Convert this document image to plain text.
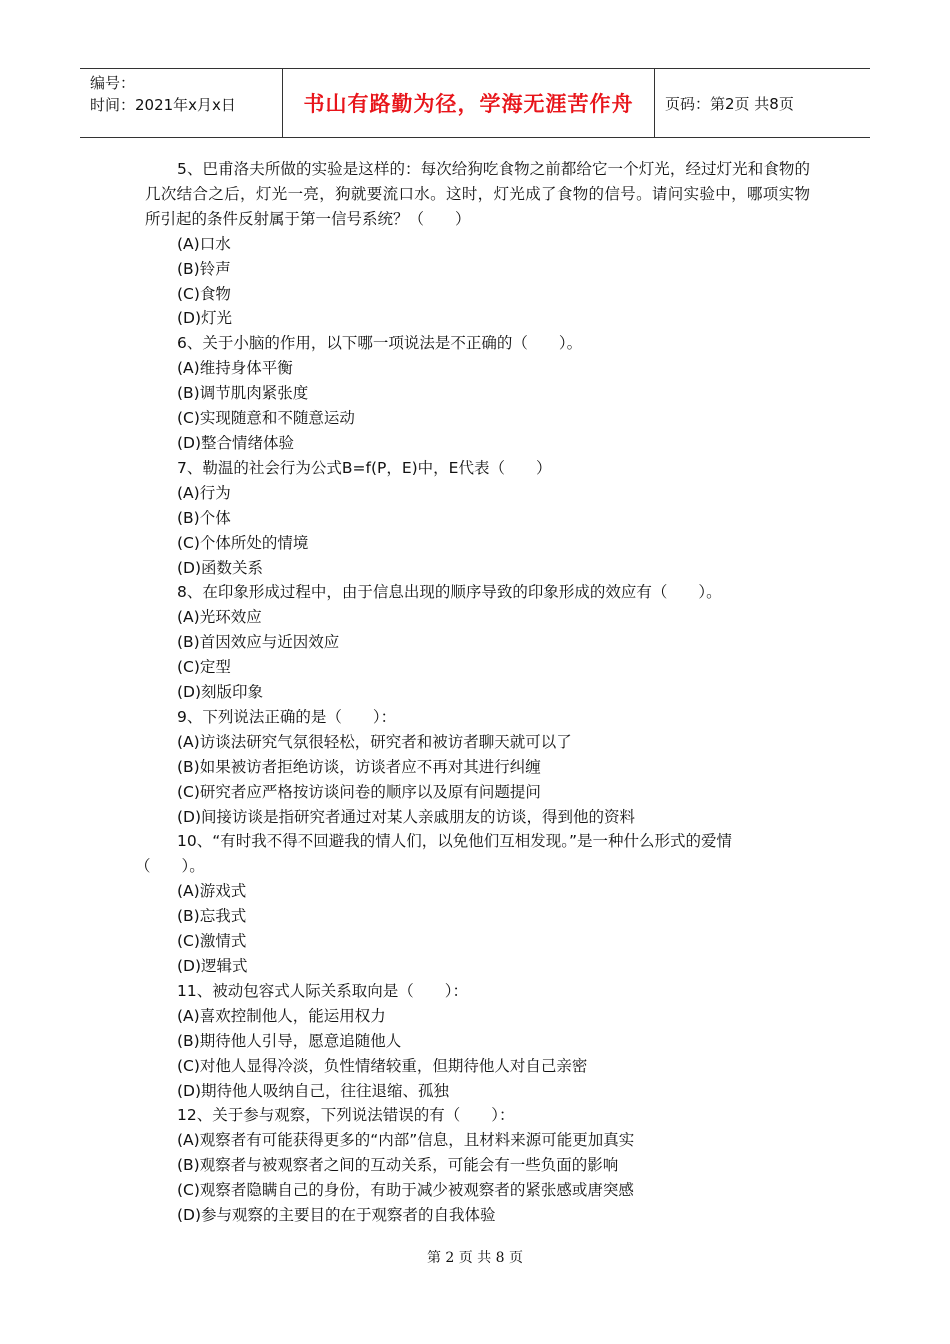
编号：
时间：2021年x月x日	书山有路勤为径，学海无涯苦作舟	页码：第2页 共8页

5、巴甫洛夫所做的实验是这样的：每次给狗吃食物之前都给它一个灯光，经过灯光和食物的几次结合之后，灯光一亮，狗就要流口水。这时，灯光成了食物的信号。请问实验中，哪项实物所引起的条件反射属于第一信号系统？（　　）

(A)口水

(B)铃声

(C)食物

(D)灯光

6、关于小脑的作用，以下哪一项说法是不正确的（　　）。

(A)维持身体平衡

(B)调节肌肉紧张度

(C)实现随意和不随意运动

(D)整合情绪体验

7、勒温的社会行为公式B=f(P，E)中，E代表（　　）

(A)行为

(B)个体

(C)个体所处的情境

(D)函数关系

8、在印象形成过程中，由于信息出现的顺序导致的印象形成的效应有（　　）。

(A)光环效应

(B)首因效应与近因效应

(C)定型

(D)刻版印象

9、下列说法正确的是（　　）：

(A)访谈法研究气氛很轻松，研究者和被访者聊天就可以了

(B)如果被访者拒绝访谈，访谈者应不再对其进行纠缠

(C)研究者应严格按访谈问卷的顺序以及原有问题提问

(D)间接访谈是指研究者通过对某人亲戚朋友的访谈，得到他的资料

10、“有时我不得不回避我的情人们，以免他们互相发现。”是一种什么形式的爱情

（　　）。

(A)游戏式

(B)忘我式

(C)激情式

(D)逻辑式

11、被动包容式人际关系取向是（　　）：

(A)喜欢控制他人，能运用权力

(B)期待他人引导，愿意追随他人

(C)对他人显得冷淡，负性情绪较重，但期待他人对自己亲密

(D)期待他人吸纳自己，往往退缩、孤独

12、关于参与观察，下列说法错误的有（　　）：

(A)观察者有可能获得更多的“内部”信息，且材料来源可能更加真实

(B)观察者与被观察者之间的互动关系，可能会有一些负面的影响

(C)观察者隐瞒自己的身份，有助于减少被观察者的紧张感或唐突感

(D)参与观察的主要目的在于观察者的自我体验

第 2 页 共 8 页
